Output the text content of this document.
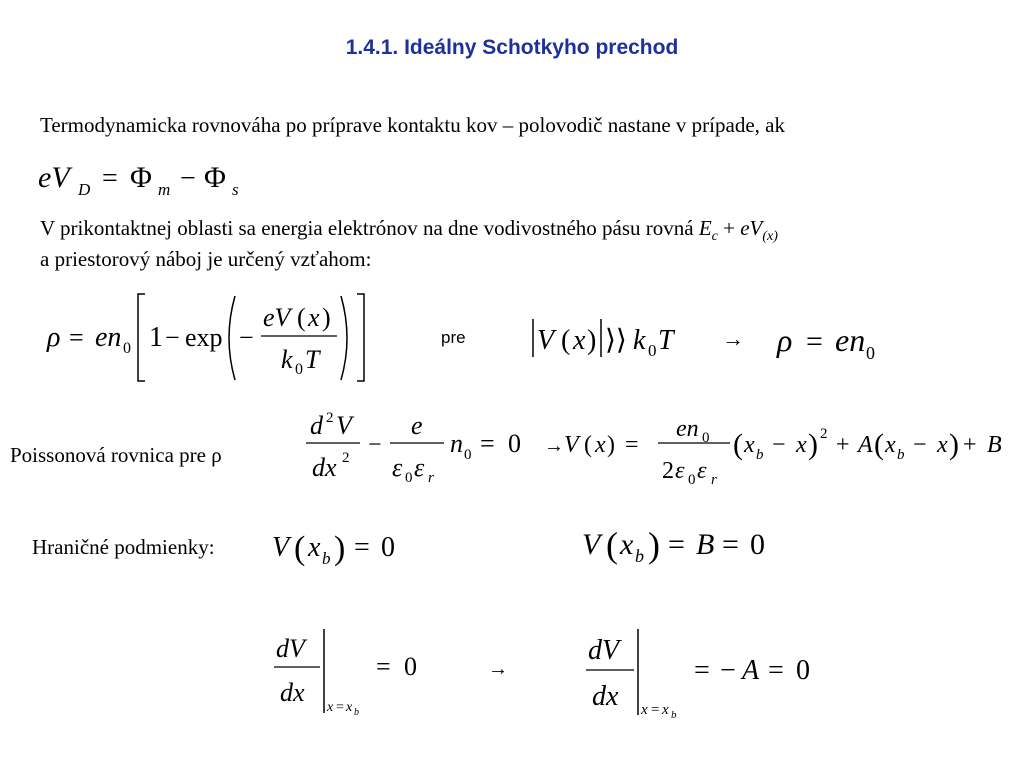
1.4.1. Ideálny Schotkyho prechod
Termodynamicka rovnováha po príprave kontaktu kov – polovodič nastane v prípade, ak
eV D = Φ m − Φ s
V prikontaktnej oblasti sa energia elektrónov na dne vodivostného pásu rovná $E_c + eV_{(x)}$
a priestorový náboj je určený vzťahom:
ρ = en 0 1 − exp −
eV ( x )
k 0 T
pre	V ( x ) ⟩⟩ k 0 T → ρ = en 0
Poissonová rovnica pre ρ
d 2 V
dx 2 −
e
ε 0 ε r
n 0 = 0 → V ( x ) =
en 0
2 ε 0 ε r
( x b − x ) 2 + A ( x b − x ) + B
Hraničné podmienky: V ( x b ) = 0	V ( x b ) = B = 0
dV
dx
x = x b
= 0	→
dV
dx x = x b
= − A = 0
